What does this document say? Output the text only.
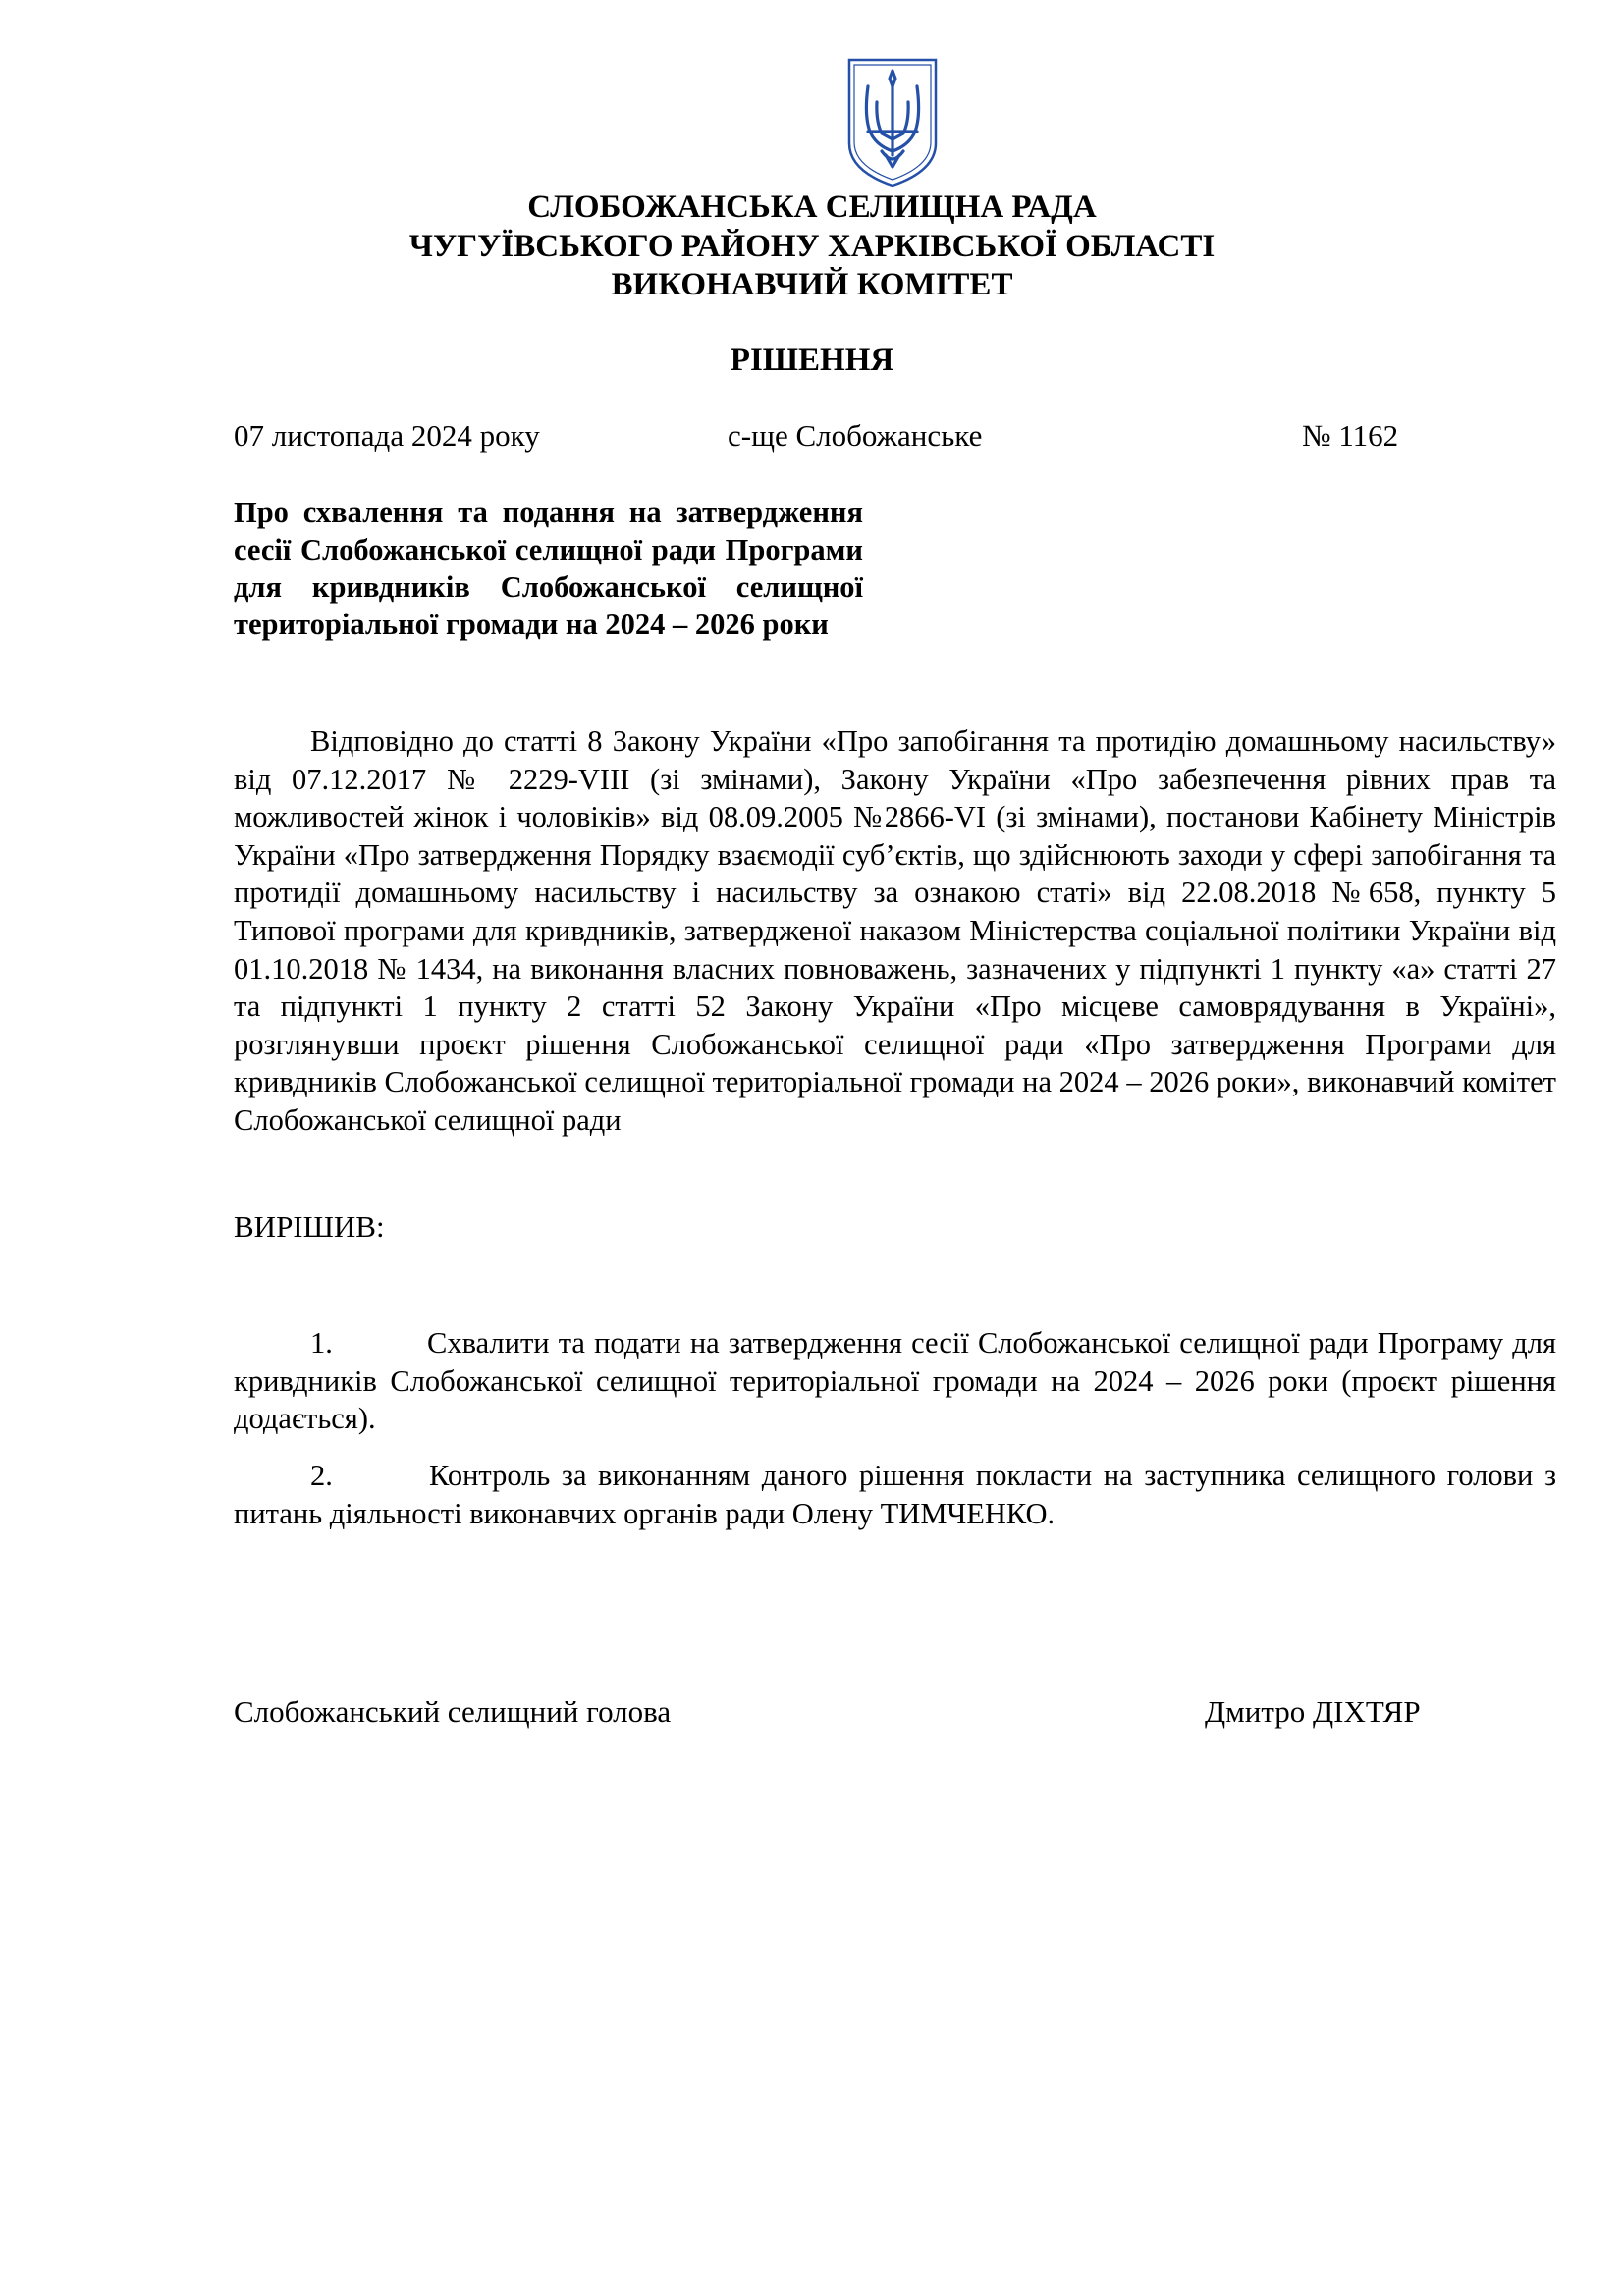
СЛОБОЖАНСЬКА СЕЛИЩНА РАДА
ЧУГУЇВСЬКОГО РАЙОНУ ХАРКІВСЬКОЇ ОБЛАСТІ
ВИКОНАВЧИЙ КОМІТЕТ
РІШЕННЯ
07 листопада 2024 року	с-ще Слобожанське	№ 1162

Про схвалення та подання на затвердження сесії Слобожанської селищної ради Програми для кривдників Слобожанської селищної територіальної громади на 2024 – 2026 роки

Відповідно до статті 8 Закону України «Про запобігання та протидію домашньому насильству» від 07.12.2017 № 2229-VIII (зі змінами), Закону України «Про забезпечення рівних прав та можливостей жінок і чоловіків» від 08.09.2005 №2866-VI (зі змінами), постанови Кабінету Міністрів України «Про затвердження Порядку взаємодії суб’єктів, що здійснюють заходи у сфері запобігання та протидії домашньому насильству і насильству за ознакою статі» від 22.08.2018 №658, пункту 5 Типової програми для кривдників, затвердженої наказом Міністерства соціальної політики України від 01.10.2018 № 1434, на виконання власних повноважень, зазначених у підпункті 1 пункту «а» статті 27 та підпункті 1 пункту 2 статті 52 Закону України «Про місцеве самоврядування в Україні», розглянувши проєкт рішення Слобожанської селищної ради «Про затвердження Програми для кривдників Слобожанської селищної територіальної громади на 2024 – 2026 роки», виконавчий комітет Слобожанської селищної ради

ВИРІШИВ:

1.	Схвалити та подати на затвердження сесії Слобожанської селищної ради Програму для кривдників Слобожанської селищної територіальної громади на 2024 – 2026 роки (проєкт рішення додається).

2.	Контроль за виконанням даного рішення покласти на заступника селищного голови з питань діяльності виконавчих органів ради Олену ТИМЧЕНКО.

Слобожанський селищний голова	Дмитро ДІХТЯР
